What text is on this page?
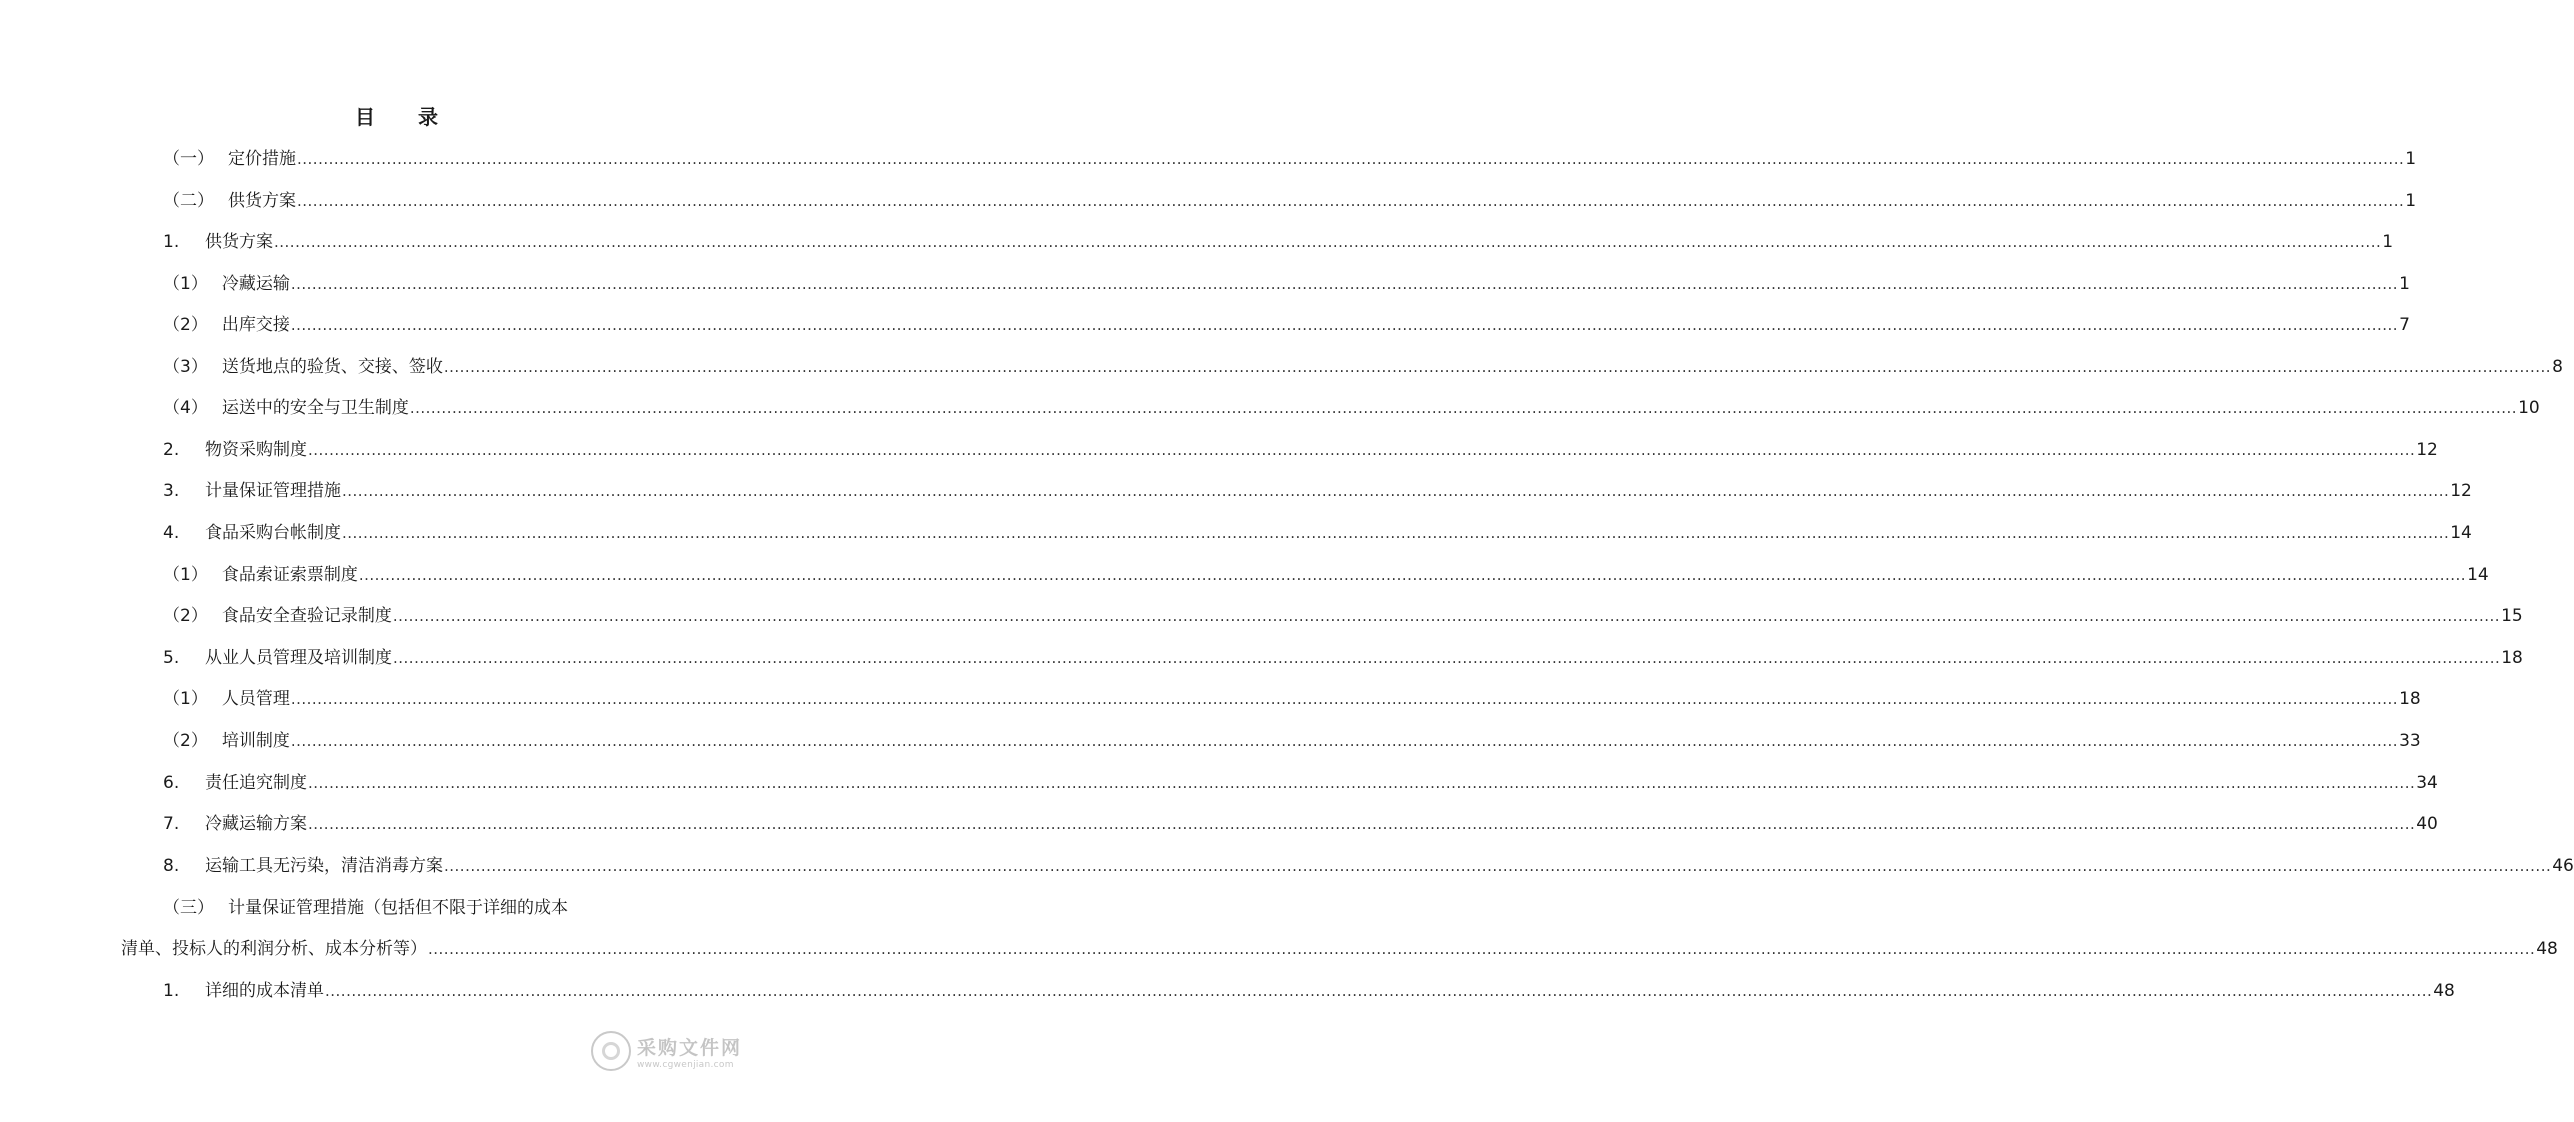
目 录
（一） 定价措施 ................................................................................................................................................................................................................................................................................................................................................................................................................ 1
（二） 供货方案 ................................................................................................................................................................................................................................................................................................................................................................................................................ 1
1. 供货方案 ................................................................................................................................................................................................................................................................................................................................................................................................................ 1
（1） 冷藏运输 ................................................................................................................................................................................................................................................................................................................................................................................................................ 1
（2） 出库交接 ................................................................................................................................................................................................................................................................................................................................................................................................................ 7
（3） 送货地点的验货、交接、签收 ................................................................................................................................................................................................................................................................................................................................................................................................................ 8
（4） 运送中的安全与卫生制度 ................................................................................................................................................................................................................................................................................................................................................................................................................ 10
2. 物资采购制度 ................................................................................................................................................................................................................................................................................................................................................................................................................ 12
3. 计量保证管理措施 ................................................................................................................................................................................................................................................................................................................................................................................................................ 12
4. 食品采购台帐制度 ................................................................................................................................................................................................................................................................................................................................................................................................................ 14
（1） 食品索证索票制度 ................................................................................................................................................................................................................................................................................................................................................................................................................ 14
（2） 食品安全查验记录制度 ................................................................................................................................................................................................................................................................................................................................................................................................................ 15
5. 从业人员管理及培训制度 ................................................................................................................................................................................................................................................................................................................................................................................................................ 18
（1） 人员管理 ................................................................................................................................................................................................................................................................................................................................................................................................................ 18
（2） 培训制度 ................................................................................................................................................................................................................................................................................................................................................................................................................ 33
6. 责任追究制度 ................................................................................................................................................................................................................................................................................................................................................................................................................ 34
7. 冷藏运输方案 ................................................................................................................................................................................................................................................................................................................................................................................................................ 40
8. 运输工具无污染，清洁消毒方案 ................................................................................................................................................................................................................................................................................................................................................................................................................ 46
（三） 计量保证管理措施（包括但不限于详细的成本
清单、投标人的利润分析、成本分析等） ................................................................................................................................................................................................................................................................................................................................................................................................................ 48
1. 详细的成本清单 ................................................................................................................................................................................................................................................................................................................................................................................................................ 48
采购文件网
www.cgwenjian.com
